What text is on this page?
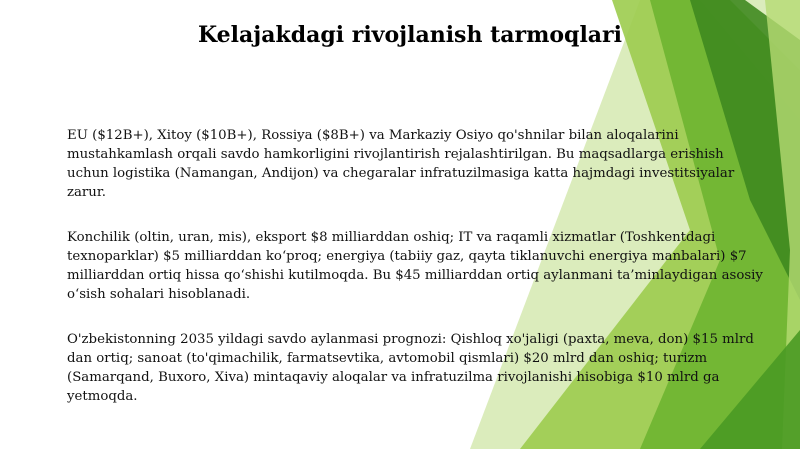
Kelajakdagi rivojlanish tarmoqlari

EU ($12B+), Xitoy ($10B+), Rossiya ($8B+) va Markaziy Osiyo qo'shnilar bilan aloqalarini mustahkamlash orqali savdo hamkorligini rivojlantirish rejalashtirilgan. Bu maqsadlarga erishish uchun logistika (Namangan, Andijon) va chegaralar infratuzilmasiga katta hajmdagi investitsiyalar zarur.

Konchilik (oltin, uran, mis), eksport $8 milliarddan oshiq; IT va raqamli xizmatlar (Toshkentdagi texnoparklar) $5 milliarddan ko‘proq; energiya (tabiiy gaz, qayta tiklanuvchi energiya manbalari) $7 milliarddan ortiq hissa qo‘shishi kutilmoqda. Bu $45 milliarddan ortiq aylanmani ta’minlaydigan asosiy o‘sish sohalari hisoblanadi.

O'zbekistonning 2035 yildagi savdo aylanmasi prognozi: Qishloq xo'jaligi (paxta, meva, don) $15 mlrd dan ortiq; sanoat (to'qimachilik, farmatsevtika, avtomobil qismlari) $20 mlrd dan oshiq; turizm (Samarqand, Buxoro, Xiva) mintaqaviy aloqalar va infratuzilma rivojlanishi hisobiga $10 mlrd ga yetmoqda.
